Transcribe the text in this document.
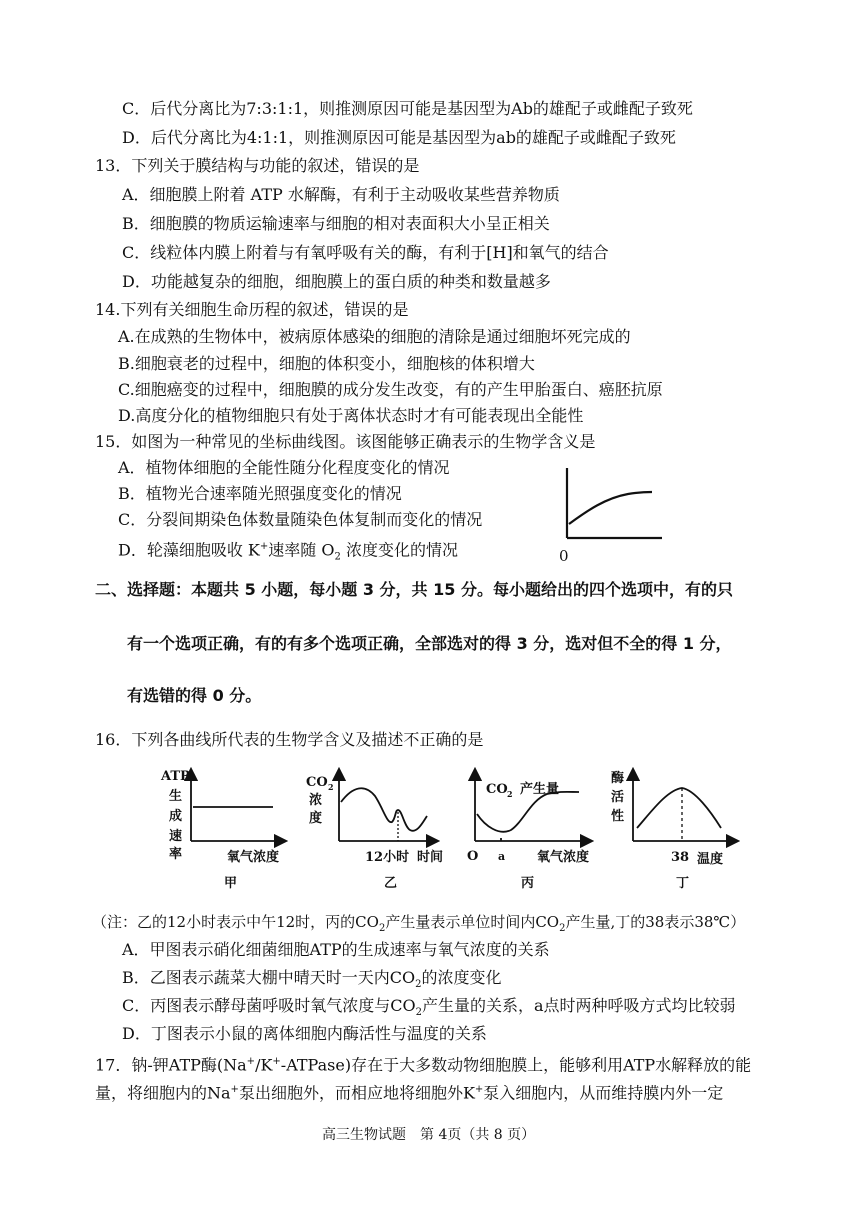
C．后代分离比为7:3:1:1，则推测原因可能是基因型为Ab的雄配子或雌配子致死
D．后代分离比为4:1:1，则推测原因可能是基因型为ab的雄配子或雌配子致死
13．下列关于膜结构与功能的叙述，错误的是
A．细胞膜上附着 ATP 水解酶，有利于主动吸收某些营养物质
B．细胞膜的物质运输速率与细胞的相对表面积大小呈正相关
C．线粒体内膜上附着与有氧呼吸有关的酶，有利于[H]和氧气的结合
D．功能越复杂的细胞，细胞膜上的蛋白质的种类和数量越多
14.下列有关细胞生命历程的叙述，错误的是
A.在成熟的生物体中，被病原体感染的细胞的清除是通过细胞坏死完成的
B.细胞衰老的过程中，细胞的体积变小，细胞核的体积增大
C.细胞癌变的过程中，细胞膜的成分发生改变，有的产生甲胎蛋白、癌胚抗原
D.高度分化的植物细胞只有处于离体状态时才有可能表现出全能性
15．如图为一种常见的坐标曲线图。该图能够正确表示的生物学含义是
A．植物体细胞的全能性随分化程度变化的情况
B．植物光合速率随光照强度变化的情况
C．分裂间期染色体数量随染色体复制而变化的情况
D．轮藻细胞吸收 K+速率随 $O_2$ 浓度变化的情况	0
二、选择题：本题共 5 小题，每小题 3 分，共 15 分。每小题给出的四个选项中，有的只
有一个选项正确，有的有多个选项正确，全部选对的得 3 分，选对但不全的得 1 分，
有选错的得 0 分。
16．下列各曲线所代表的生物学含义及描述不正确的是
ATP
生
成
速
率	氧气浓度
甲
CO 2
浓
度
12小时 时间
乙
CO 2 产生量
O a 氧气浓度
丙
酶
活
性
38 温度
丁
（注：乙的12小时表示中午12时，丙的$CO_2$产生量表示单位时间内$CO_2$产生量,丁的38表示38℃）
A．甲图表示硝化细菌细胞ATP的生成速率与氧气浓度的关系
B．乙图表示蔬菜大棚中晴天时一天内$CO_2$的浓度变化
C．丙图表示酵母菌呼吸时氧气浓度与$CO_2$产生量的关系，a点时两种呼吸方式均比较弱
D．丁图表示小鼠的离体细胞内酶活性与温度的关系
17．钠-钾ATP酶(Na+/K+-ATPase)存在于大多数动物细胞膜上，能够利用ATP水解释放的能
量，将细胞内的Na+泵出细胞外，而相应地将细胞外K+泵入细胞内，从而维持膜内外一定
高三生物试题　第 4页（共 8 页）
